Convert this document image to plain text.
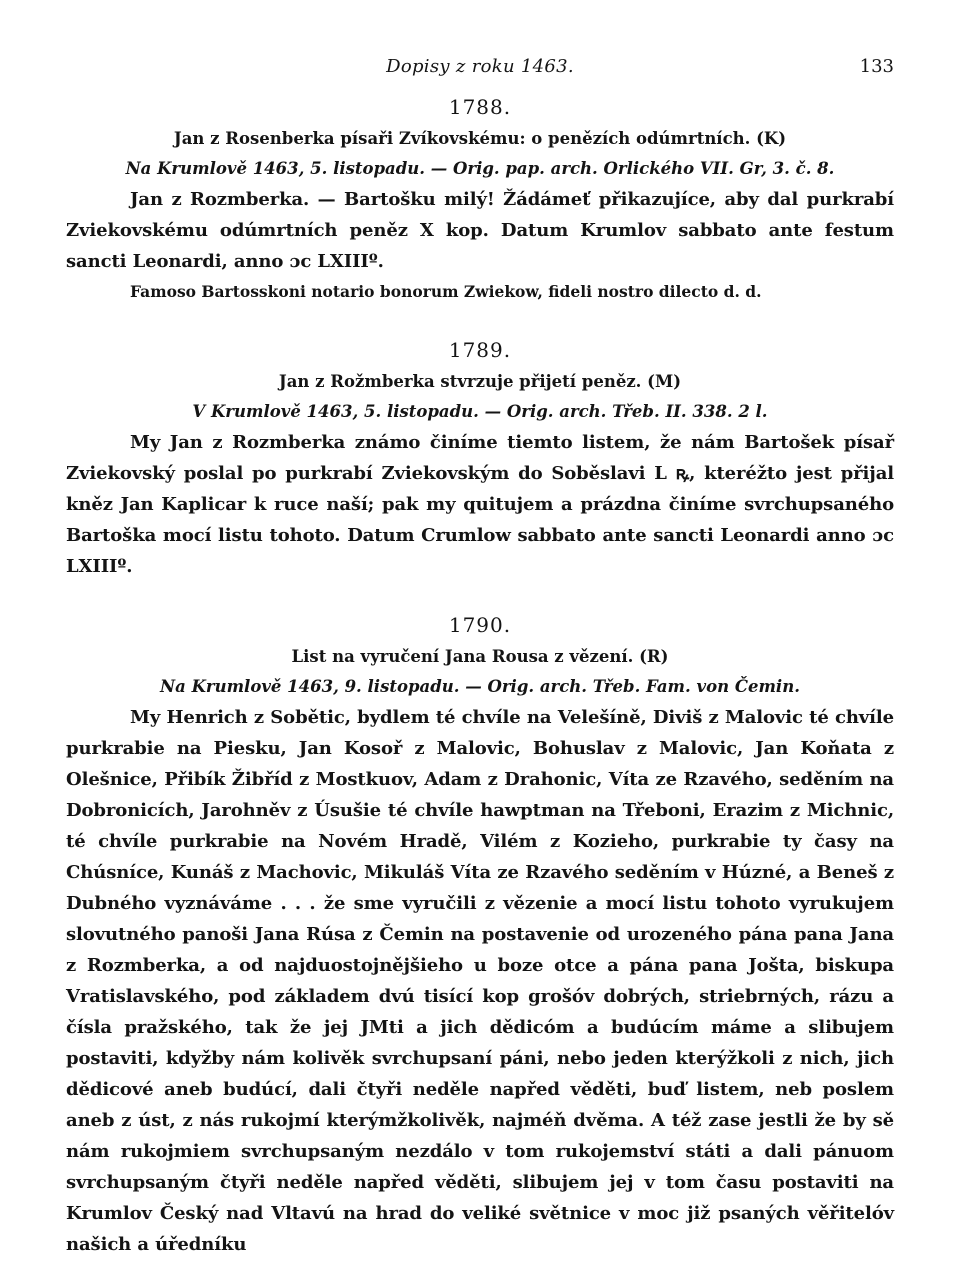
Dopisy z roku 1463.	133

1788.

Jan z Rosenberka písaři Zvíkovskému: o penězích odúmrtních. (K)

Na Krumlově 1463, 5. listopadu. — Orig. pap. arch. Orlického VII. Gr, 3. č. 8.

Jan z Rozmberka. — Bartošku milý! Žádámeť přikazujíce, aby dal purkrabí Zviekovskému odúmrtních peněz X kop. Datum Krumlov sabbato ante festum sancti Leonardi, anno ɔc LXIIIº.

Famoso Bartosskoni notario bonorum Zwiekow, fideli nostro dilecto d. d.

1789.

Jan z Rožmberka stvrzuje přijetí peněz. (M)

V Krumlově 1463, 5. listopadu. — Orig. arch. Třeb. II. 338. 2 l.

My Jan z Rozmberka známo činíme tiemto listem, že nám Bartošek písař Zviekovský poslal po purkrabí Zviekovským do Soběslavi L ꝶ, kteréžto jest přijal kněz Jan Kaplicar k ruce naší; pak my quitujem a prázdna činíme svrchupsaného Bartoška mocí listu tohoto. Datum Crumlow sabbato ante sancti Leonardi anno ɔc LXIIIº.

1790.

List na vyručení Jana Rousa z vězení. (R)

Na Krumlově 1463, 9. listopadu. — Orig. arch. Třeb. Fam. von Čemin.

My Henrich z Sobětic, bydlem té chvíle na Velešíně, Diviš z Malovic té chvíle purkrabie na Piesku, Jan Kosoř z Malovic, Bohuslav z Malovic, Jan Koňata z Olešnice, Přibík Žibříd z Mostkuov, Adam z Drahonic, Vítа ze Rzavého, seděním na Dobronicích, Jarohněv z Úsušie té chvíle hawptman na Třeboni, Erazim z Michnic, té chvíle purkrabie na Novém Hradě, Vilém z Kozieho, purkrabie ty časy na Chúsníce, Kunáš z Machovic, Mikuláš Víta ze Rzavého seděním v Húzné, a Beneš z Dubného vyznáváme . . . že sme vyručili z vězenie a mocí listu tohoto vyrukujem slovutného panoši Jana Rúsa z Čemin na postavenie od urozeného pána pana Jana z Rozmberka, a od najduostojnějšieho u boze otce a pána pana Jošta, biskupa Vratislavského, pod základem dvú tisící kop grošóv dobrých, striebrných, rázu a čísla pražského, tak že jej JMti a jich dědicóm a budúcím máme a slibujem postaviti, kdyžby nám kolivěk svrchupsaní páni, nebo jeden kterýžkoli z nich, jich dědicové aneb budúcí, dali čtyři neděle napřed věděti, buď listem, neb poslem aneb z úst, z nás rukojmí kterýmžkolivěk, najméň dvěma. A též zase jestli že by sě nám rukojmiem svrchupsaným nezdálo v tom rukojemství státi a dali pánuom svrchupsaným čtyři neděle napřed věděti, slibujem jej v tom času postaviti na Krumlov Český nad Vltavú na hrad do veliké světnice v moc již psaných věřitelóv našich a úředníku
